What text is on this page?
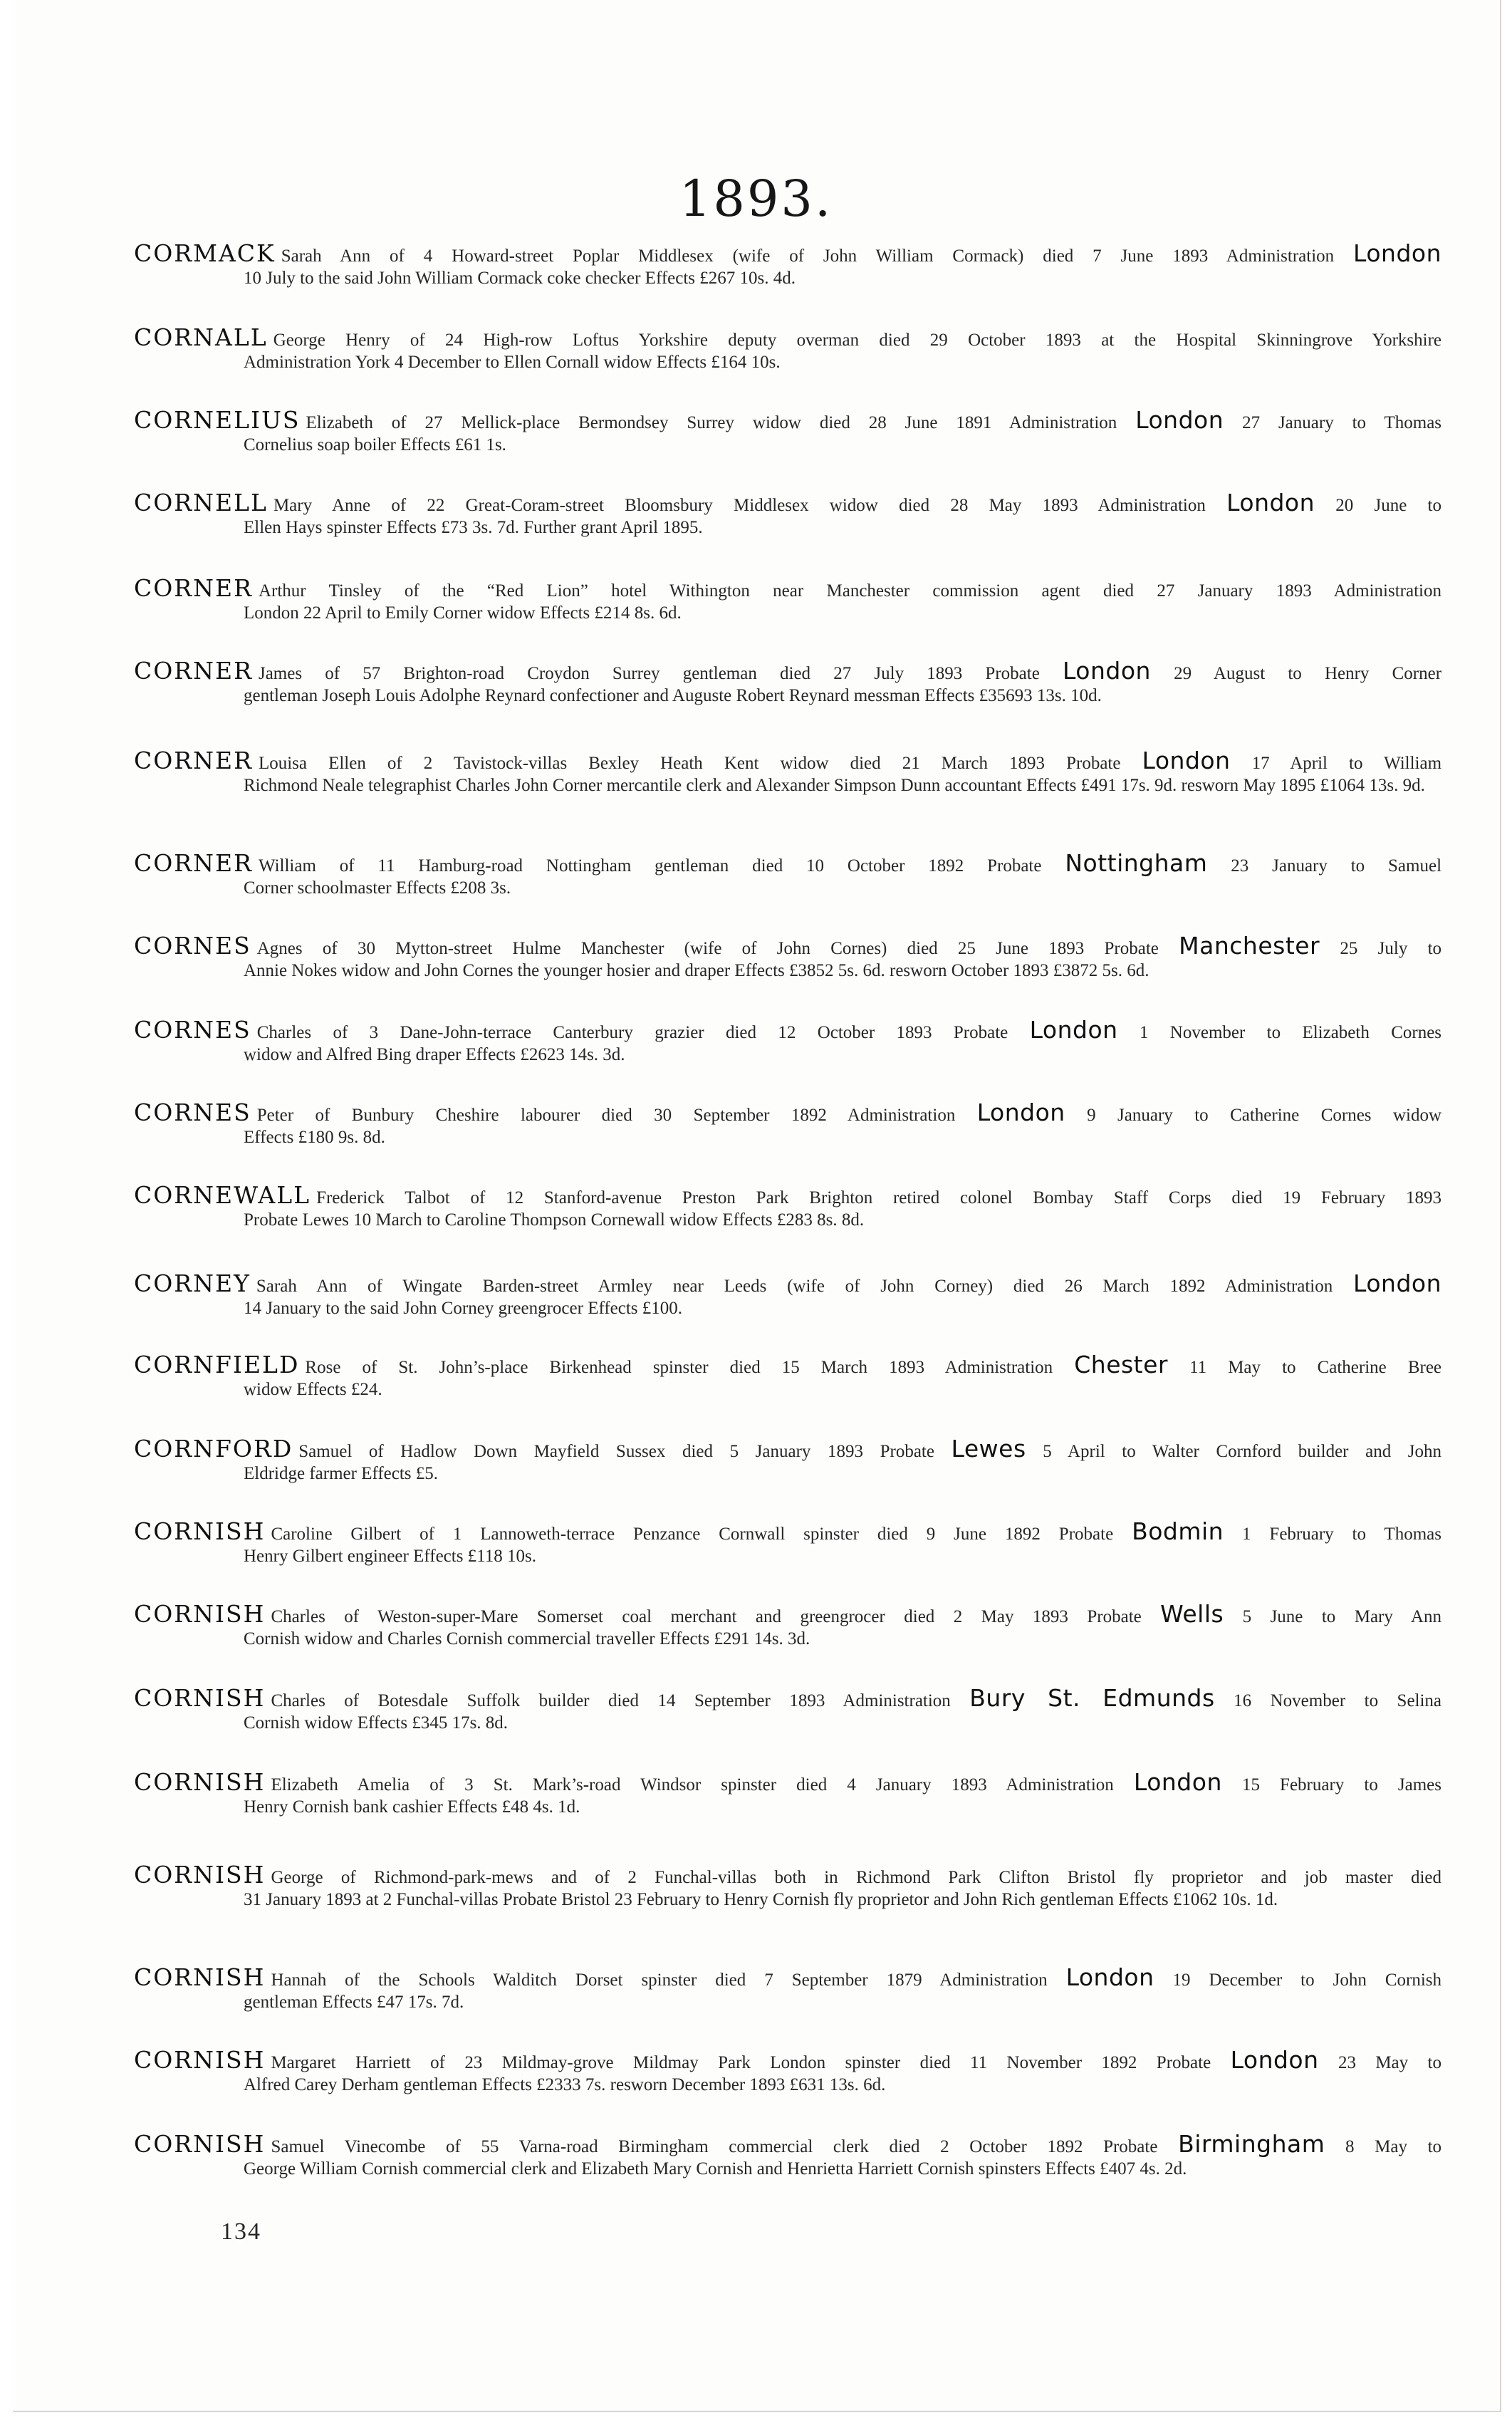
1893.
CORMACK Sarah Ann of 4 Howard-street Poplar Middlesex (wife of John William Cormack) died 7 June 1893 Administration London
10 July to the said John William Cormack coke checker Effects £267 10s. 4d.
CORNALL George Henry of 24 High-row Loftus Yorkshire deputy overman died 29 October 1893 at the Hospital Skinningrove Yorkshire
Administration York 4 December to Ellen Cornall widow Effects £164 10s.
CORNELIUS Elizabeth of 27 Mellick-place Bermondsey Surrey widow died 28 June 1891 Administration London 27 January to Thomas
Cornelius soap boiler Effects £61 1s.
CORNELL Mary Anne of 22 Great-Coram-street Bloomsbury Middlesex widow died 28 May 1893 Administration London 20 June to
Ellen Hays spinster Effects £73 3s. 7d. Further grant April 1895.
CORNER Arthur Tinsley of the “Red Lion” hotel Withington near Manchester commission agent died 27 January 1893 Administration
London 22 April to Emily Corner widow Effects £214 8s. 6d.
CORNER James of 57 Brighton-road Croydon Surrey gentleman died 27 July 1893 Probate London 29 August to Henry Corner
gentleman Joseph Louis Adolphe Reynard confectioner and Auguste Robert Reynard messman Effects £35693 13s. 10d.
CORNER Louisa Ellen of 2 Tavistock-villas Bexley Heath Kent widow died 21 March 1893 Probate London 17 April to William
Richmond Neale telegraphist Charles John Corner mercantile clerk and Alexander Simpson Dunn accountant Effects £491 17s. 9d. resworn May 1895 £1064 13s. 9d.
CORNER William of 11 Hamburg-road Nottingham gentleman died 10 October 1892 Probate Nottingham 23 January to Samuel
Corner schoolmaster Effects £208 3s.
CORNES Agnes of 30 Mytton-street Hulme Manchester (wife of John Cornes) died 25 June 1893 Probate Manchester 25 July to
Annie Nokes widow and John Cornes the younger hosier and draper Effects £3852 5s. 6d. resworn October 1893 £3872 5s. 6d.
CORNES Charles of 3 Dane-John-terrace Canterbury grazier died 12 October 1893 Probate London 1 November to Elizabeth Cornes
widow and Alfred Bing draper Effects £2623 14s. 3d.
CORNES Peter of Bunbury Cheshire labourer died 30 September 1892 Administration London 9 January to Catherine Cornes widow
Effects £180 9s. 8d.
CORNEWALL Frederick Talbot of 12 Stanford-avenue Preston Park Brighton retired colonel Bombay Staff Corps died 19 February 1893
Probate Lewes 10 March to Caroline Thompson Cornewall widow Effects £283 8s. 8d.
CORNEY Sarah Ann of Wingate Barden-street Armley near Leeds (wife of John Corney) died 26 March 1892 Administration London
14 January to the said John Corney greengrocer Effects £100.
CORNFIELD Rose of St. John’s-place Birkenhead spinster died 15 March 1893 Administration Chester 11 May to Catherine Bree
widow Effects £24.
CORNFORD Samuel of Hadlow Down Mayfield Sussex died 5 January 1893 Probate Lewes 5 April to Walter Cornford builder and John
Eldridge farmer Effects £5.
CORNISH Caroline Gilbert of 1 Lannoweth-terrace Penzance Cornwall spinster died 9 June 1892 Probate Bodmin 1 February to Thomas
Henry Gilbert engineer Effects £118 10s.
CORNISH Charles of Weston-super-Mare Somerset coal merchant and greengrocer died 2 May 1893 Probate Wells 5 June to Mary Ann
Cornish widow and Charles Cornish commercial traveller Effects £291 14s. 3d.
CORNISH Charles of Botesdale Suffolk builder died 14 September 1893 Administration Bury St. Edmunds 16 November to Selina
Cornish widow Effects £345 17s. 8d.
CORNISH Elizabeth Amelia of 3 St. Mark’s-road Windsor spinster died 4 January 1893 Administration London 15 February to James
Henry Cornish bank cashier Effects £48 4s. 1d.
CORNISH George of Richmond-park-mews and of 2 Funchal-villas both in Richmond Park Clifton Bristol fly proprietor and job master died
31 January 1893 at 2 Funchal-villas Probate Bristol 23 February to Henry Cornish fly proprietor and John Rich gentleman Effects £1062 10s. 1d.
CORNISH Hannah of the Schools Walditch Dorset spinster died 7 September 1879 Administration London 19 December to John Cornish
gentleman Effects £47 17s. 7d.
CORNISH Margaret Harriett of 23 Mildmay-grove Mildmay Park London spinster died 11 November 1892 Probate London 23 May to
Alfred Carey Derham gentleman Effects £2333 7s. resworn December 1893 £631 13s. 6d.
CORNISH Samuel Vinecombe of 55 Varna-road Birmingham commercial clerk died 2 October 1892 Probate Birmingham 8 May to
George William Cornish commercial clerk and Elizabeth Mary Cornish and Henrietta Harriett Cornish spinsters Effects £407 4s. 2d.
134
